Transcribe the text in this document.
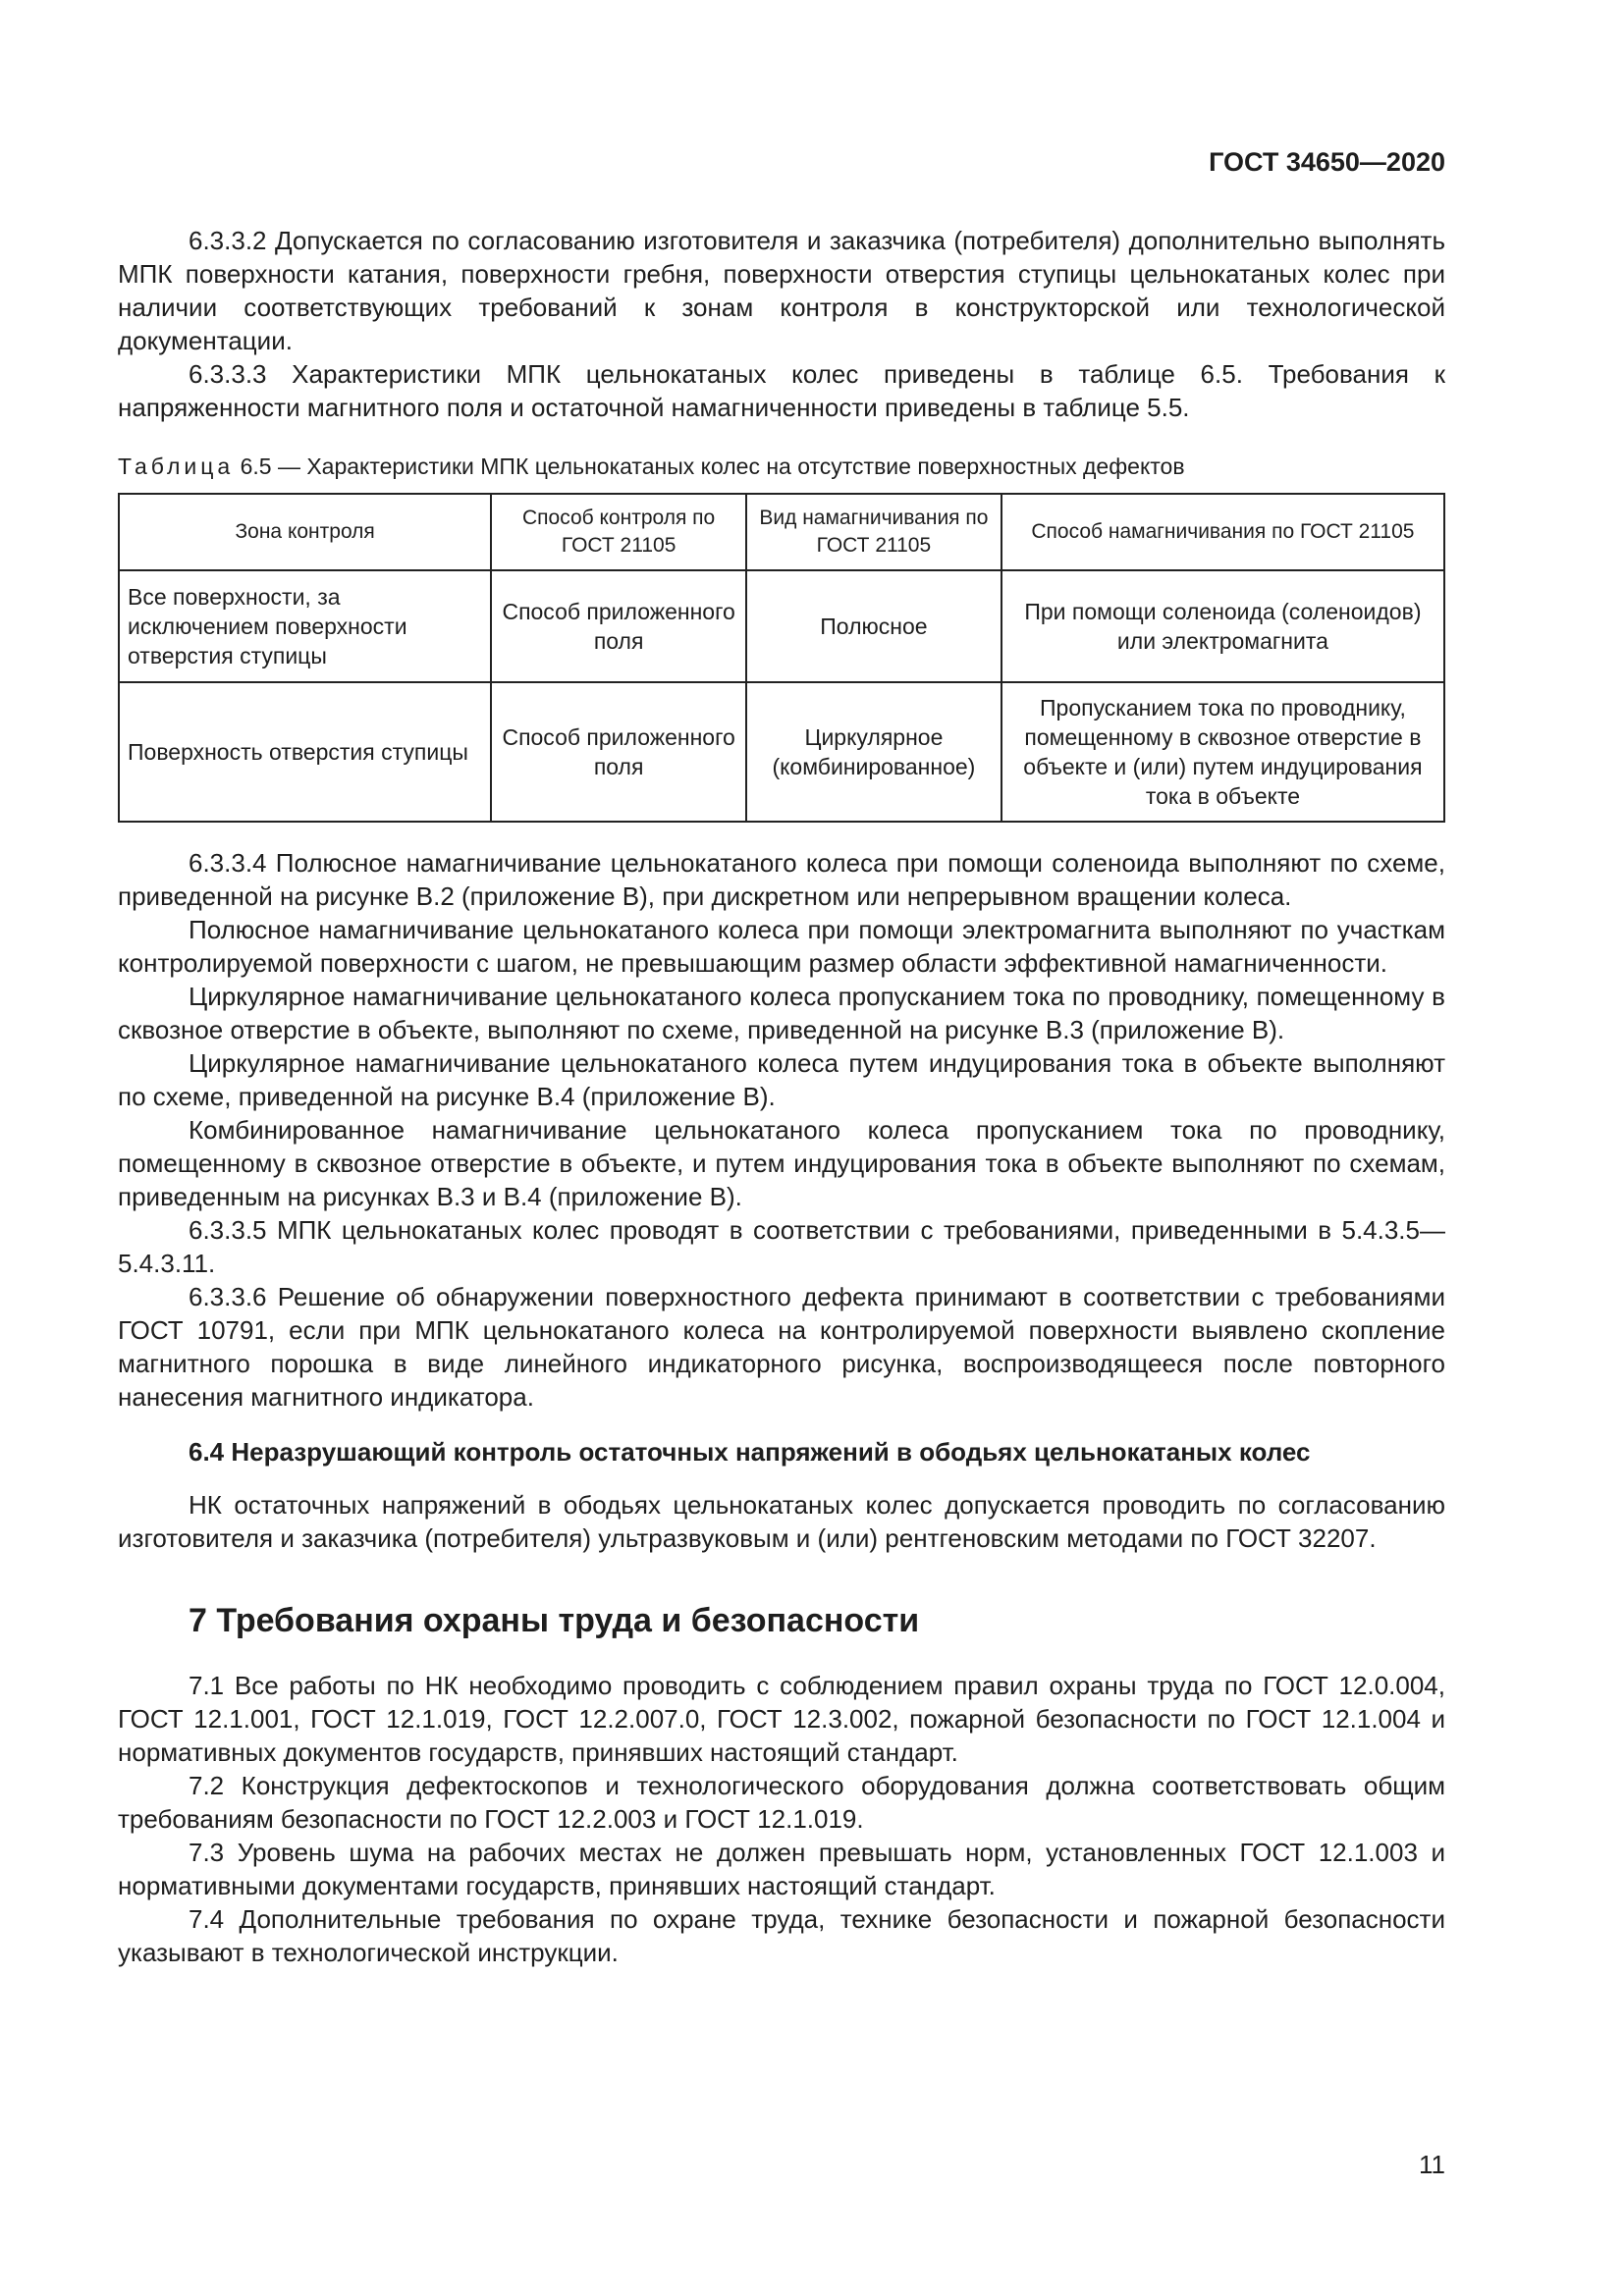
ГОСТ 34650—2020

6.3.3.2 Допускается по согласованию изготовителя и заказчика (потребителя) дополнительно выполнять МПК поверхности катания, поверхности гребня, поверхности отверстия ступицы цельнокатаных колес при наличии соответствующих требований к зонам контроля в конструкторской или технологической документации.

6.3.3.3 Характеристики МПК цельнокатаных колес приведены в таблице 6.5. Требования к напряженности магнитного поля и остаточной намагниченности приведены в таблице 5.5.

Таблица 6.5 — Характеристики МПК цельнокатаных колес на отсутствие поверхностных дефектов
Зона контроля	Способ контроля по ГОСТ 21105	Вид намагничивания по ГОСТ 21105	Способ намагничивания по ГОСТ 21105
Все поверхности, за исключением поверхности отверстия ступицы	Способ приложенного поля	Полюсное	При помощи соленоида (соленоидов) или электромагнита
Поверхность отверстия ступицы	Способ приложенного поля	Циркулярное (комбинированное)	Пропусканием тока по проводнику, помещенному в сквозное отверстие в объекте и (или) путем индуцирования тока в объекте

6.3.3.4 Полюсное намагничивание цельнокатаного колеса при помощи соленоида выполняют по схеме, приведенной на рисунке В.2 (приложение В), при дискретном или непрерывном вращении колеса.

Полюсное намагничивание цельнокатаного колеса при помощи электромагнита выполняют по участкам контролируемой поверхности с шагом, не превышающим размер области эффективной намагниченности.

Циркулярное намагничивание цельнокатаного колеса пропусканием тока по проводнику, помещенному в сквозное отверстие в объекте, выполняют по схеме, приведенной на рисунке В.3 (приложение В).

Циркулярное намагничивание цельнокатаного колеса путем индуцирования тока в объекте выполняют по схеме, приведенной на рисунке В.4 (приложение В).

Комбинированное намагничивание цельнокатаного колеса пропусканием тока по проводнику, помещенному в сквозное отверстие в объекте, и путем индуцирования тока в объекте выполняют по схемам, приведенным на рисунках В.3 и В.4 (приложение В).

6.3.3.5 МПК цельнокатаных колес проводят в соответствии с требованиями, приведенными в 5.4.3.5—5.4.3.11.

6.3.3.6 Решение об обнаружении поверхностного дефекта принимают в соответствии с требованиями ГОСТ 10791, если при МПК цельнокатаного колеса на контролируемой поверхности выявлено скопление магнитного порошка в виде линейного индикаторного рисунка, воспроизводящееся после повторного нанесения магнитного индикатора.

6.4 Неразрушающий контроль остаточных напряжений в ободьях цельнокатаных колес

НК остаточных напряжений в ободьях цельнокатаных колес допускается проводить по согласованию изготовителя и заказчика (потребителя) ультразвуковым и (или) рентгеновским методами по ГОСТ 32207.

7 Требования охраны труда и безопасности

7.1 Все работы по НК необходимо проводить с соблюдением правил охраны труда по ГОСТ 12.0.004, ГОСТ 12.1.001, ГОСТ 12.1.019, ГОСТ 12.2.007.0, ГОСТ 12.3.002, пожарной безопасности по ГОСТ 12.1.004 и нормативных документов государств, принявших настоящий стандарт.

7.2 Конструкция дефектоскопов и технологического оборудования должна соответствовать общим требованиям безопасности по ГОСТ 12.2.003 и ГОСТ 12.1.019.

7.3 Уровень шума на рабочих местах не должен превышать норм, установленных ГОСТ 12.1.003 и нормативными документами государств, принявших настоящий стандарт.

7.4 Дополнительные требования по охране труда, технике безопасности и пожарной безопасности указывают в технологической инструкции.

11
